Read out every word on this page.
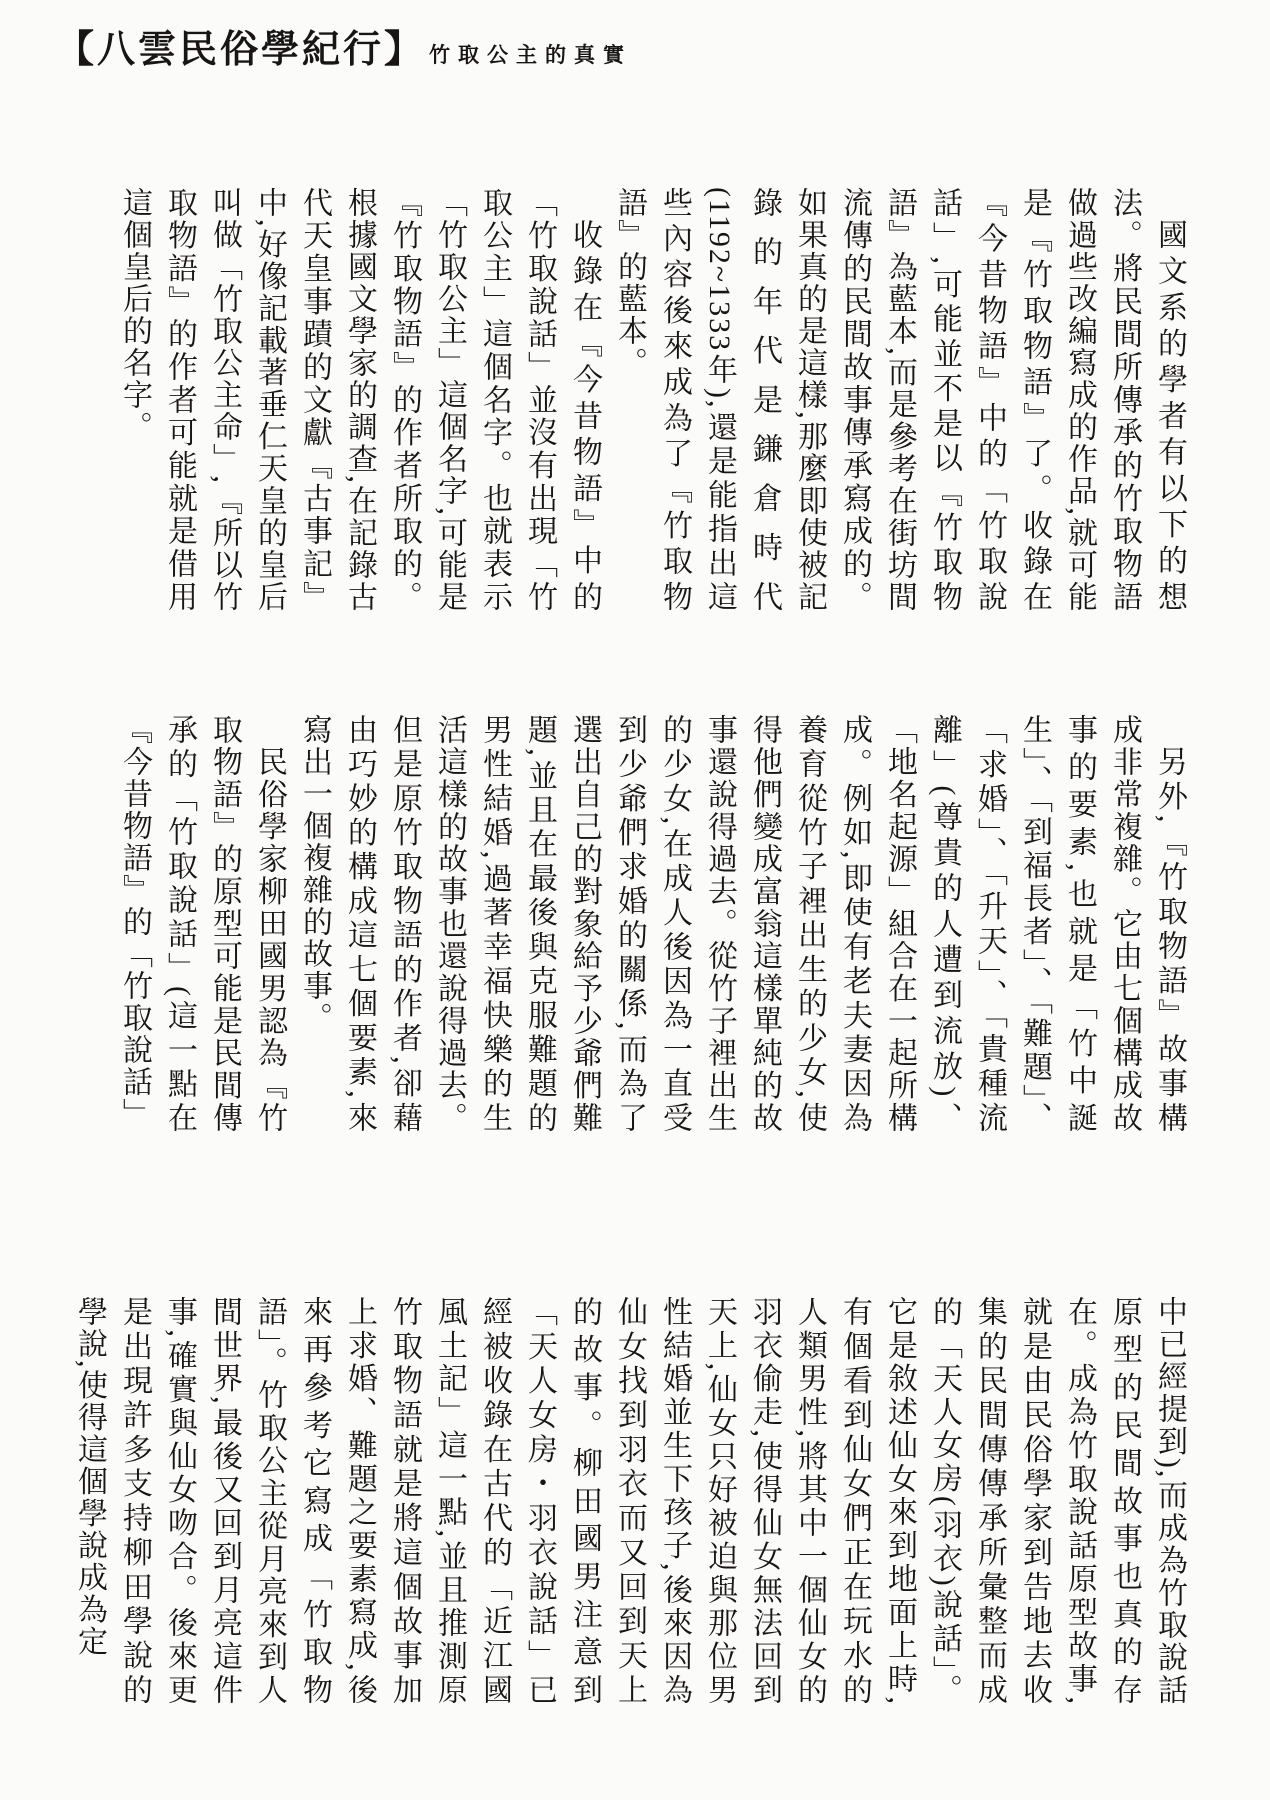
【八雲民俗學紀行】 竹取公主的真實

國文系的學者有以下的想法。將民間所傳承的竹取物語做過些改編寫成的作品,就可能是『竹取物語』了。收錄在『今昔物語』中的「竹取說話」,可能並不是以『竹取物語』為藍本,而是參考在街坊間流傳的民間故事傳承寫成的。如果真的是這樣,那麼即使被記錄的年代是鎌倉時代(1192~1333年),還是能指出這些內容後來成為了『竹取物語』的藍本。

收錄在『今昔物語』中的「竹取說話」並沒有出現「竹取公主」這個名字。也就表示「竹取公主」這個名字,可能是『竹取物語』的作者所取的。根據國文學家的調查,在記錄古代天皇事蹟的文獻『古事記』中,好像記載著垂仁天皇的皇后叫做「竹取公主命」,『所以竹取物語』的作者可能就是借用這個皇后的名字。

另外,『竹取物語』故事構成非常複雜。它由七個構成故事的要素,也就是「竹中誕生」、「到福長者」、「難題」、「求婚」、「升天」、「貴種流離」(尊貴的人遭到流放)、「地名起源」組合在一起所構成。例如,即使有老夫妻因為養育從竹子裡出生的少女,使得他們變成富翁這樣單純的故事還說得過去。從竹子裡出生的少女,在成人後因為一直受到少爺們求婚的關係,而為了選出自己的對象給予少爺們難題,並且在最後與克服難題的男性結婚,過著幸福快樂的生活這樣的故事也還說得過去。但是原竹取物語的作者,卻藉由巧妙的構成這七個要素,來寫出一個複雜的故事。

民俗學家柳田國男認為『竹取物語』的原型可能是民間傳承的「竹取說話」(這一點在『今昔物語』的「竹取說話」

中已經提到),而成為竹取說話原型的民間故事也真的存在。成為竹取說話原型故事,就是由民俗學家到告地去收集的民間傳傳承所彙整而成的「天人女房(羽衣)說話」。它是敘述仙女來到地面上時,有個看到仙女們正在玩水的人類男性,將其中一個仙女的羽衣偷走,使得仙女無法回到天上,仙女只好被迫與那位男性結婚並生下孩子,後來因為仙女找到羽衣而又回到天上的故事。柳田國男注意到「天人女房・羽衣說話」已經被收錄在古代的「近江國風土記」這一點,並且推測原竹取物語就是將這個故事加上求婚、難題之要素寫成,後來再參考它寫成「竹取物語」。竹取公主從月亮來到人間世界,最後又回到月亮這件事,確實與仙女吻合。後來更是出現許多支持柳田學說的學說,使得這個學說成為定
